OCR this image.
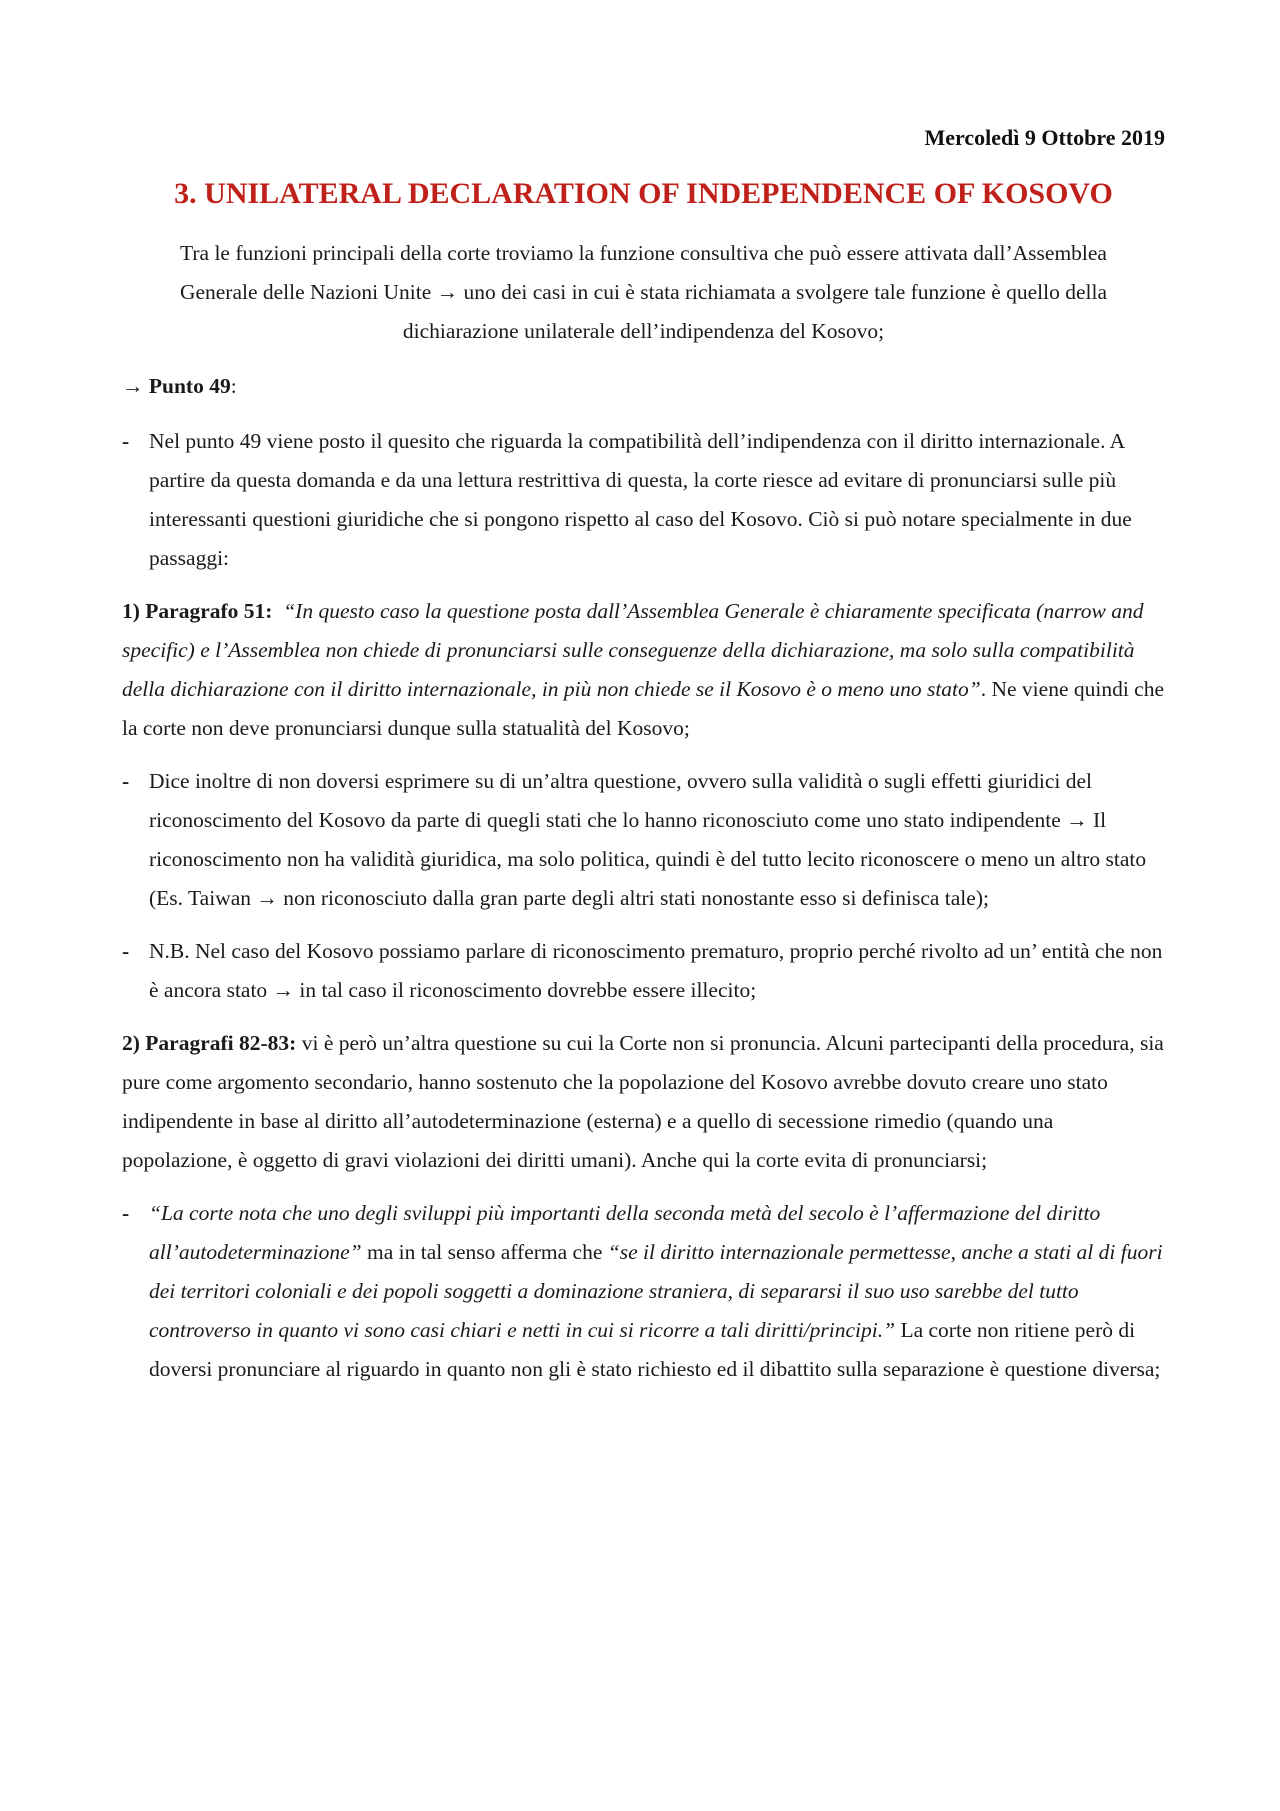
Mercoledì 9 Ottobre 2019
3. UNILATERAL DECLARATION OF INDEPENDENCE OF KOSOVO
Tra le funzioni principali della corte troviamo la funzione consultiva che può essere attivata dall’Assemblea Generale delle Nazioni Unite → uno dei casi in cui è stata richiamata a svolgere tale funzione è quello della dichiarazione unilaterale dell’indipendenza del Kosovo;
→ Punto 49:
- Nel punto 49 viene posto il quesito che riguarda la compatibilità dell’indipendenza con il diritto internazionale. A partire da questa domanda e da una lettura restrittiva di questa, la corte riesce ad evitare di pronunciarsi sulle più interessanti questioni giuridiche che si pongono rispetto al caso del Kosovo. Ciò si può notare specialmente in due passaggi:
1) Paragrafo 51: “In questo caso la questione posta dall’Assemblea Generale è chiaramente specificata (narrow and specific) e l’Assemblea non chiede di pronunciarsi sulle conseguenze della dichiarazione, ma solo sulla compatibilità della dichiarazione con il diritto internazionale, in più non chiede se il Kosovo è o meno uno stato”. Ne viene quindi che la corte non deve pronunciarsi dunque sulla statualità del Kosovo;
- Dice inoltre di non doversi esprimere su di un’altra questione, ovvero sulla validità o sugli effetti giuridici del riconoscimento del Kosovo da parte di quegli stati che lo hanno riconosciuto come uno stato indipendente → Il riconoscimento non ha validità giuridica, ma solo politica, quindi è del tutto lecito riconoscere o meno un altro stato (Es. Taiwan → non riconosciuto dalla gran parte degli altri stati nonostante esso si definisca tale);
- N.B. Nel caso del Kosovo possiamo parlare di riconoscimento prematuro, proprio perché rivolto ad un’ entità che non è ancora stato → in tal caso il riconoscimento dovrebbe essere illecito;
2) Paragrafi 82-83: vi è però un’altra questione su cui la Corte non si pronuncia. Alcuni partecipanti della procedura, sia pure come argomento secondario, hanno sostenuto che la popolazione del Kosovo avrebbe dovuto creare uno stato indipendente in base al diritto all’autodeterminazione (esterna) e a quello di secessione rimedio (quando una popolazione, è oggetto di gravi violazioni dei diritti umani). Anche qui la corte evita di pronunciarsi;
- “La corte nota che uno degli sviluppi più importanti della seconda metà del secolo è l’affermazione del diritto all’autodeterminazione” ma in tal senso afferma che “se il diritto internazionale permettesse, anche a stati al di fuori dei territori coloniali e dei popoli soggetti a dominazione straniera, di separarsi il suo uso sarebbe del tutto controverso in quanto vi sono casi chiari e netti in cui si ricorre a tali diritti/principi.” La corte non ritiene però di doversi pronunciare al riguardo in quanto non gli è stato richiesto ed il dibattito sulla separazione è questione diversa;
